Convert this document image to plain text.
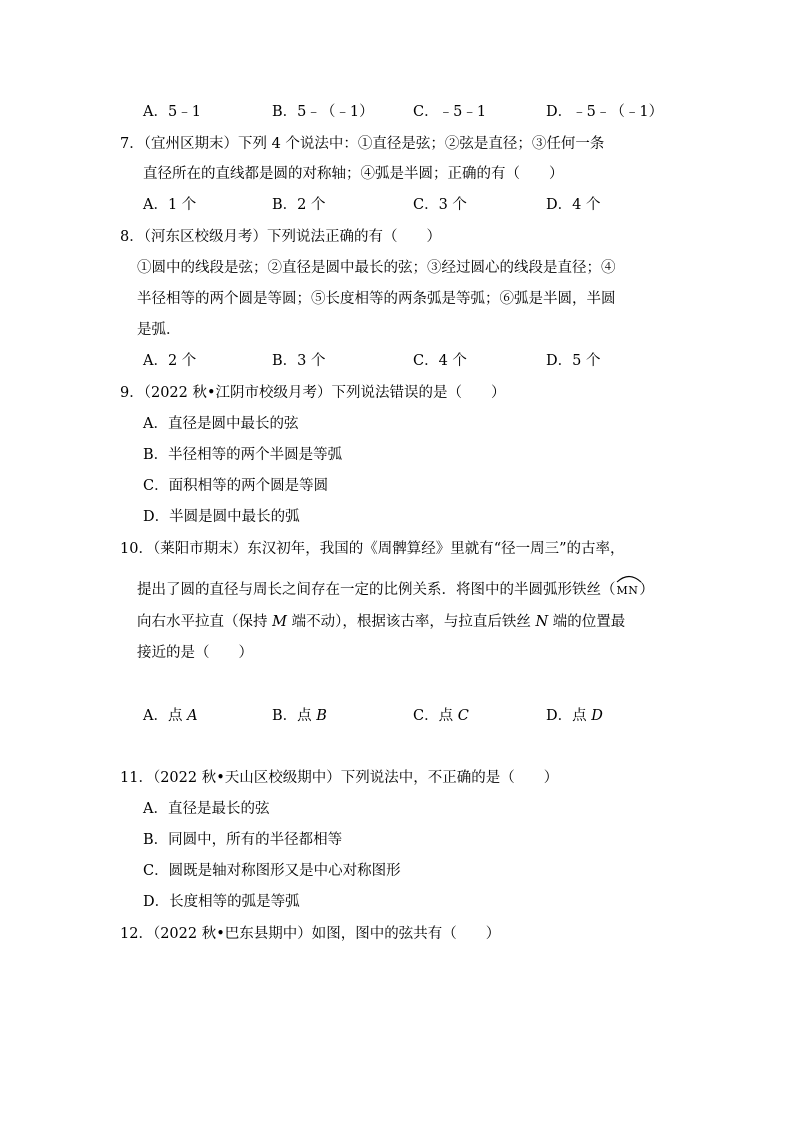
A．5﹣1	B．5﹣（﹣1）	C．﹣5﹣1	D．﹣5﹣（﹣1）
7．（宜州区期末）下列 4 个说法中：①直径是弦；②弦是直径；③任何一条
直径所在的直线都是圆的对称轴；④弧是半圆；正确的有（　　）
A．1 个	B．2 个	C．3 个	D．4 个
8．（河东区校级月考）下列说法正确的有（　　）
①圆中的线段是弦；②直径是圆中最长的弦；③经过圆心的线段是直径；④
半径相等的两个圆是等圆；⑤长度相等的两条弧是等弧；⑥弧是半圆，半圆
是弧．
A．2 个	B．3 个	C．4 个	D．5 个
9．（2022 秋•江阴市校级月考）下列说法错误的是（　　）
A．直径是圆中最长的弦
B．半径相等的两个半圆是等弧
C．面积相等的两个圆是等圆
D．半圆是圆中最长的弧
10．（莱阳市期末）东汉初年，我国的《周髀算经》里就有“径一周三”的古率，
提出了圆的直径与周长之间存在一定的比例关系．将图中的半圆弧形铁丝（
MN）
向右水平拉直（保持 M 端不动），根据该古率，与拉直后铁丝 N 端的位置最
接近的是（　　）
A．点 A	B．点 B	C．点 C	D．点 D
11．（2022 秋•天山区校级期中）下列说法中，不正确的是（　　）
A．直径是最长的弦
B．同圆中，所有的半径都相等
C．圆既是轴对称图形又是中心对称图形
D．长度相等的弧是等弧
12．（2022 秋•巴东县期中）如图，图中的弦共有（　　）
